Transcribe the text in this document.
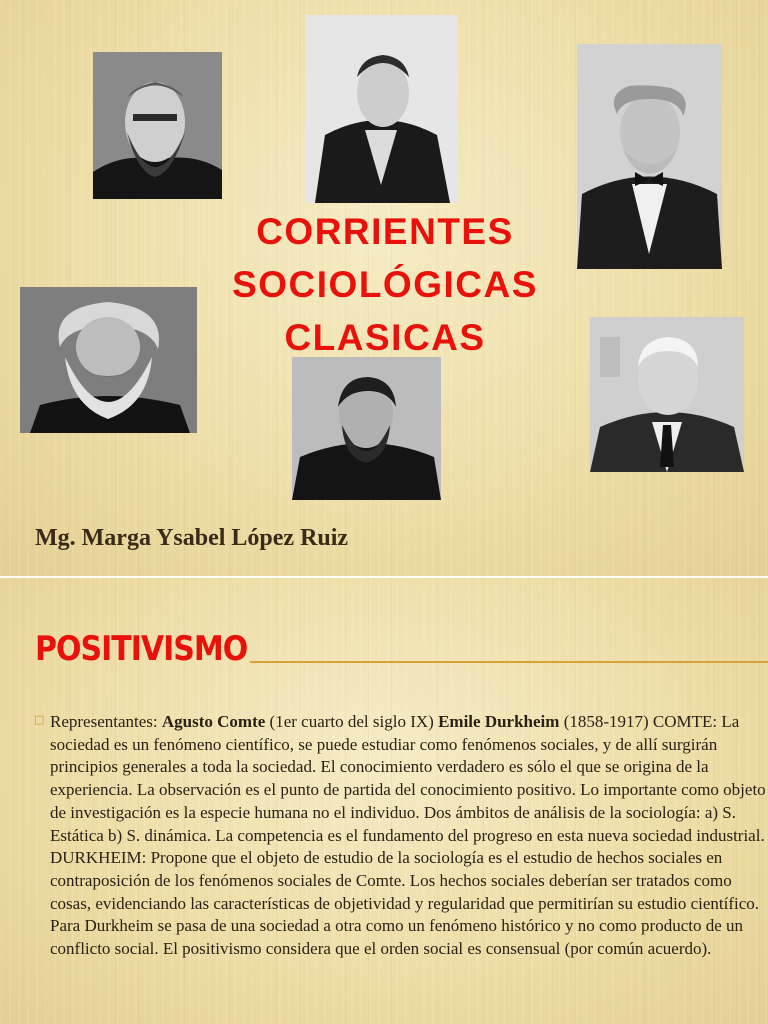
CORRIENTES
SOCIOLÓGICAS
CLASICAS

Mg. Marga Ysabel López Ruiz

POSITIVISMO
□ Representantes: Agusto Comte (1er cuarto del siglo IX) Emile Durkheim (1858-1917) COMTE: La sociedad es un fenómeno científico, se puede estudiar como fenómenos sociales, y de allí surgirán principios generales a toda la sociedad. El conocimiento verdadero es sólo el que se origina de la experiencia. La observación es el punto de partida del conocimiento positivo. Lo importante como objeto de investigación es la especie humana no el individuo. Dos ámbitos de análisis de la sociología: a) S. Estática b) S. dinámica. La competencia es el fundamento del progreso en esta nueva sociedad industrial. DURKHEIM: Propone que el objeto de estudio de la sociología es el estudio de hechos sociales en contraposición de los fenómenos sociales de Comte. Los hechos sociales deberían ser tratados como cosas, evidenciando las características de objetividad y regularidad que permitirían su estudio científico. Para Durkheim se pasa de una sociedad a otra como un fenómeno histórico y no como producto de un conflicto social. El positivismo considera que el orden social es consensual (por común acuerdo).
